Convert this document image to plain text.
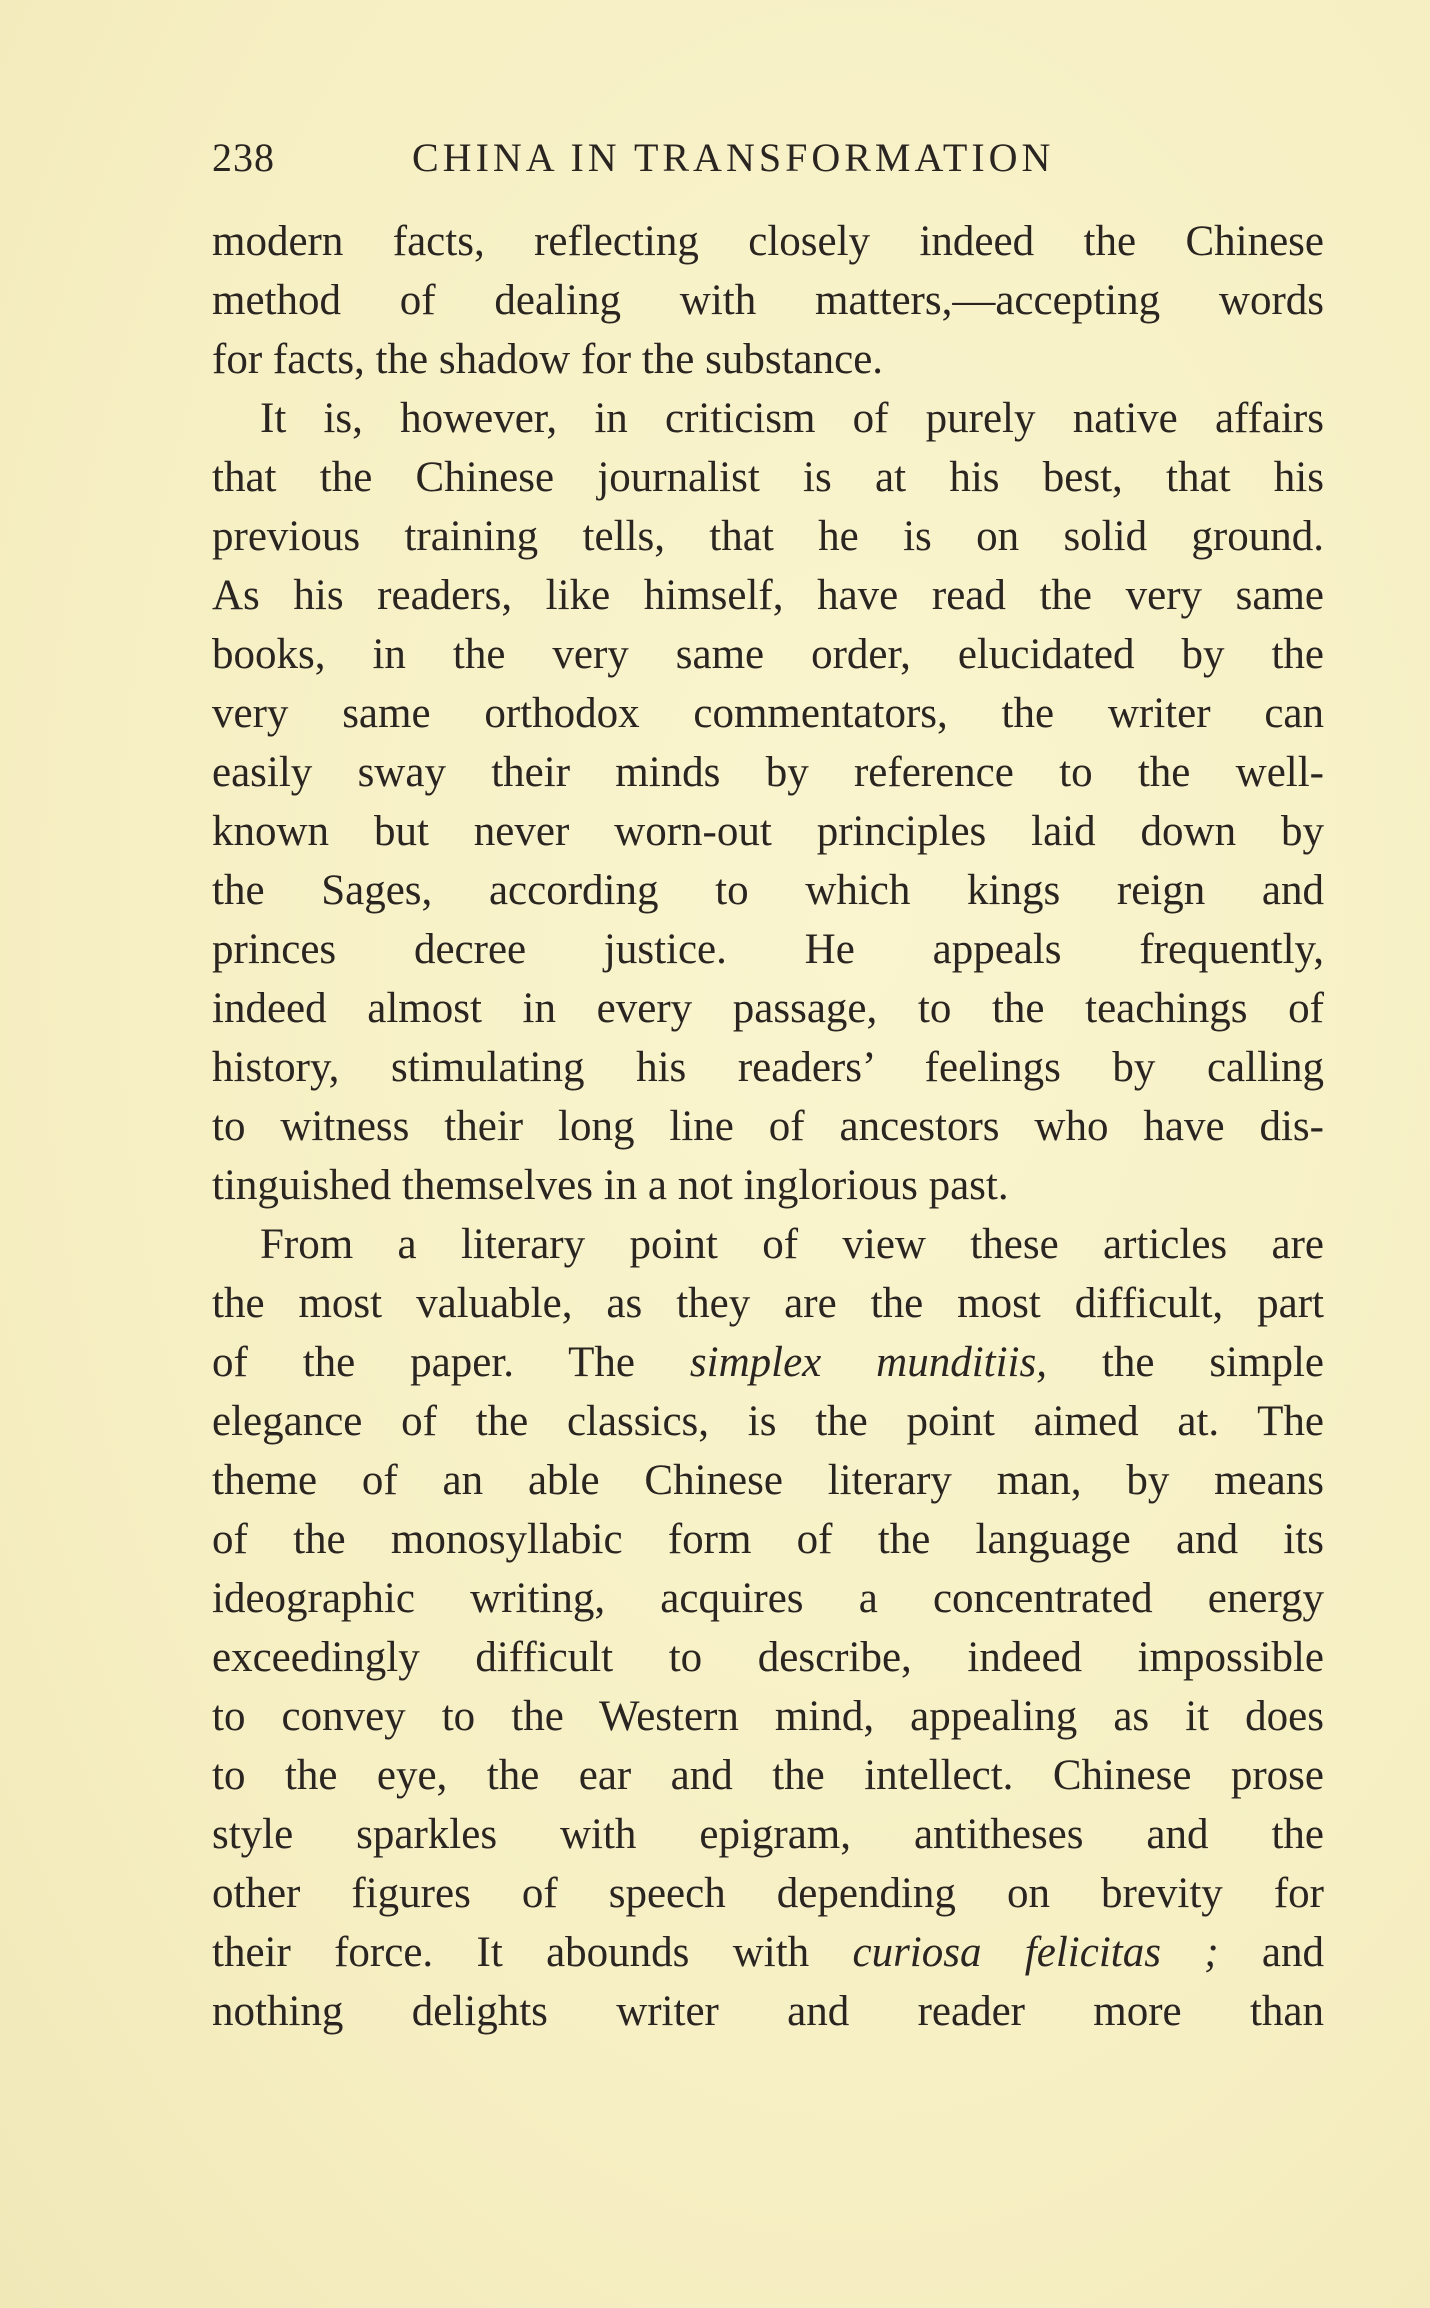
238	CHINA IN TRANSFORMATION
modern facts, reflecting closely indeed the Chinese
method of dealing with matters,—accepting words
for facts, the shadow for the substance.
It is, however, in criticism of purely native affairs
that the Chinese journalist is at his best, that his
previous training tells, that he is on solid ground.
As his readers, like himself, have read the very same
books, in the very same order, elucidated by the
very same orthodox commentators, the writer can
easily sway their minds by reference to the well-
known but never worn-out principles laid down by
the Sages, according to which kings reign and
princes decree justice. He appeals frequently,
indeed almost in every passage, to the teachings of
history, stimulating his readers’ feelings by calling
to witness their long line of ancestors who have dis-
tinguished themselves in a not inglorious past.
From a literary point of view these articles are
the most valuable, as they are the most difficult, part
of the paper. The simplex munditiis, the simple
elegance of the classics, is the point aimed at. The
theme of an able Chinese literary man, by means
of the monosyllabic form of the language and its
ideographic writing, acquires a concentrated energy
exceedingly difficult to describe, indeed impossible
to convey to the Western mind, appealing as it does
to the eye, the ear and the intellect. Chinese prose
style sparkles with epigram, antitheses and the
other figures of speech depending on brevity for
their force. It abounds with curiosa felicitas ; and
nothing delights writer and reader more than
